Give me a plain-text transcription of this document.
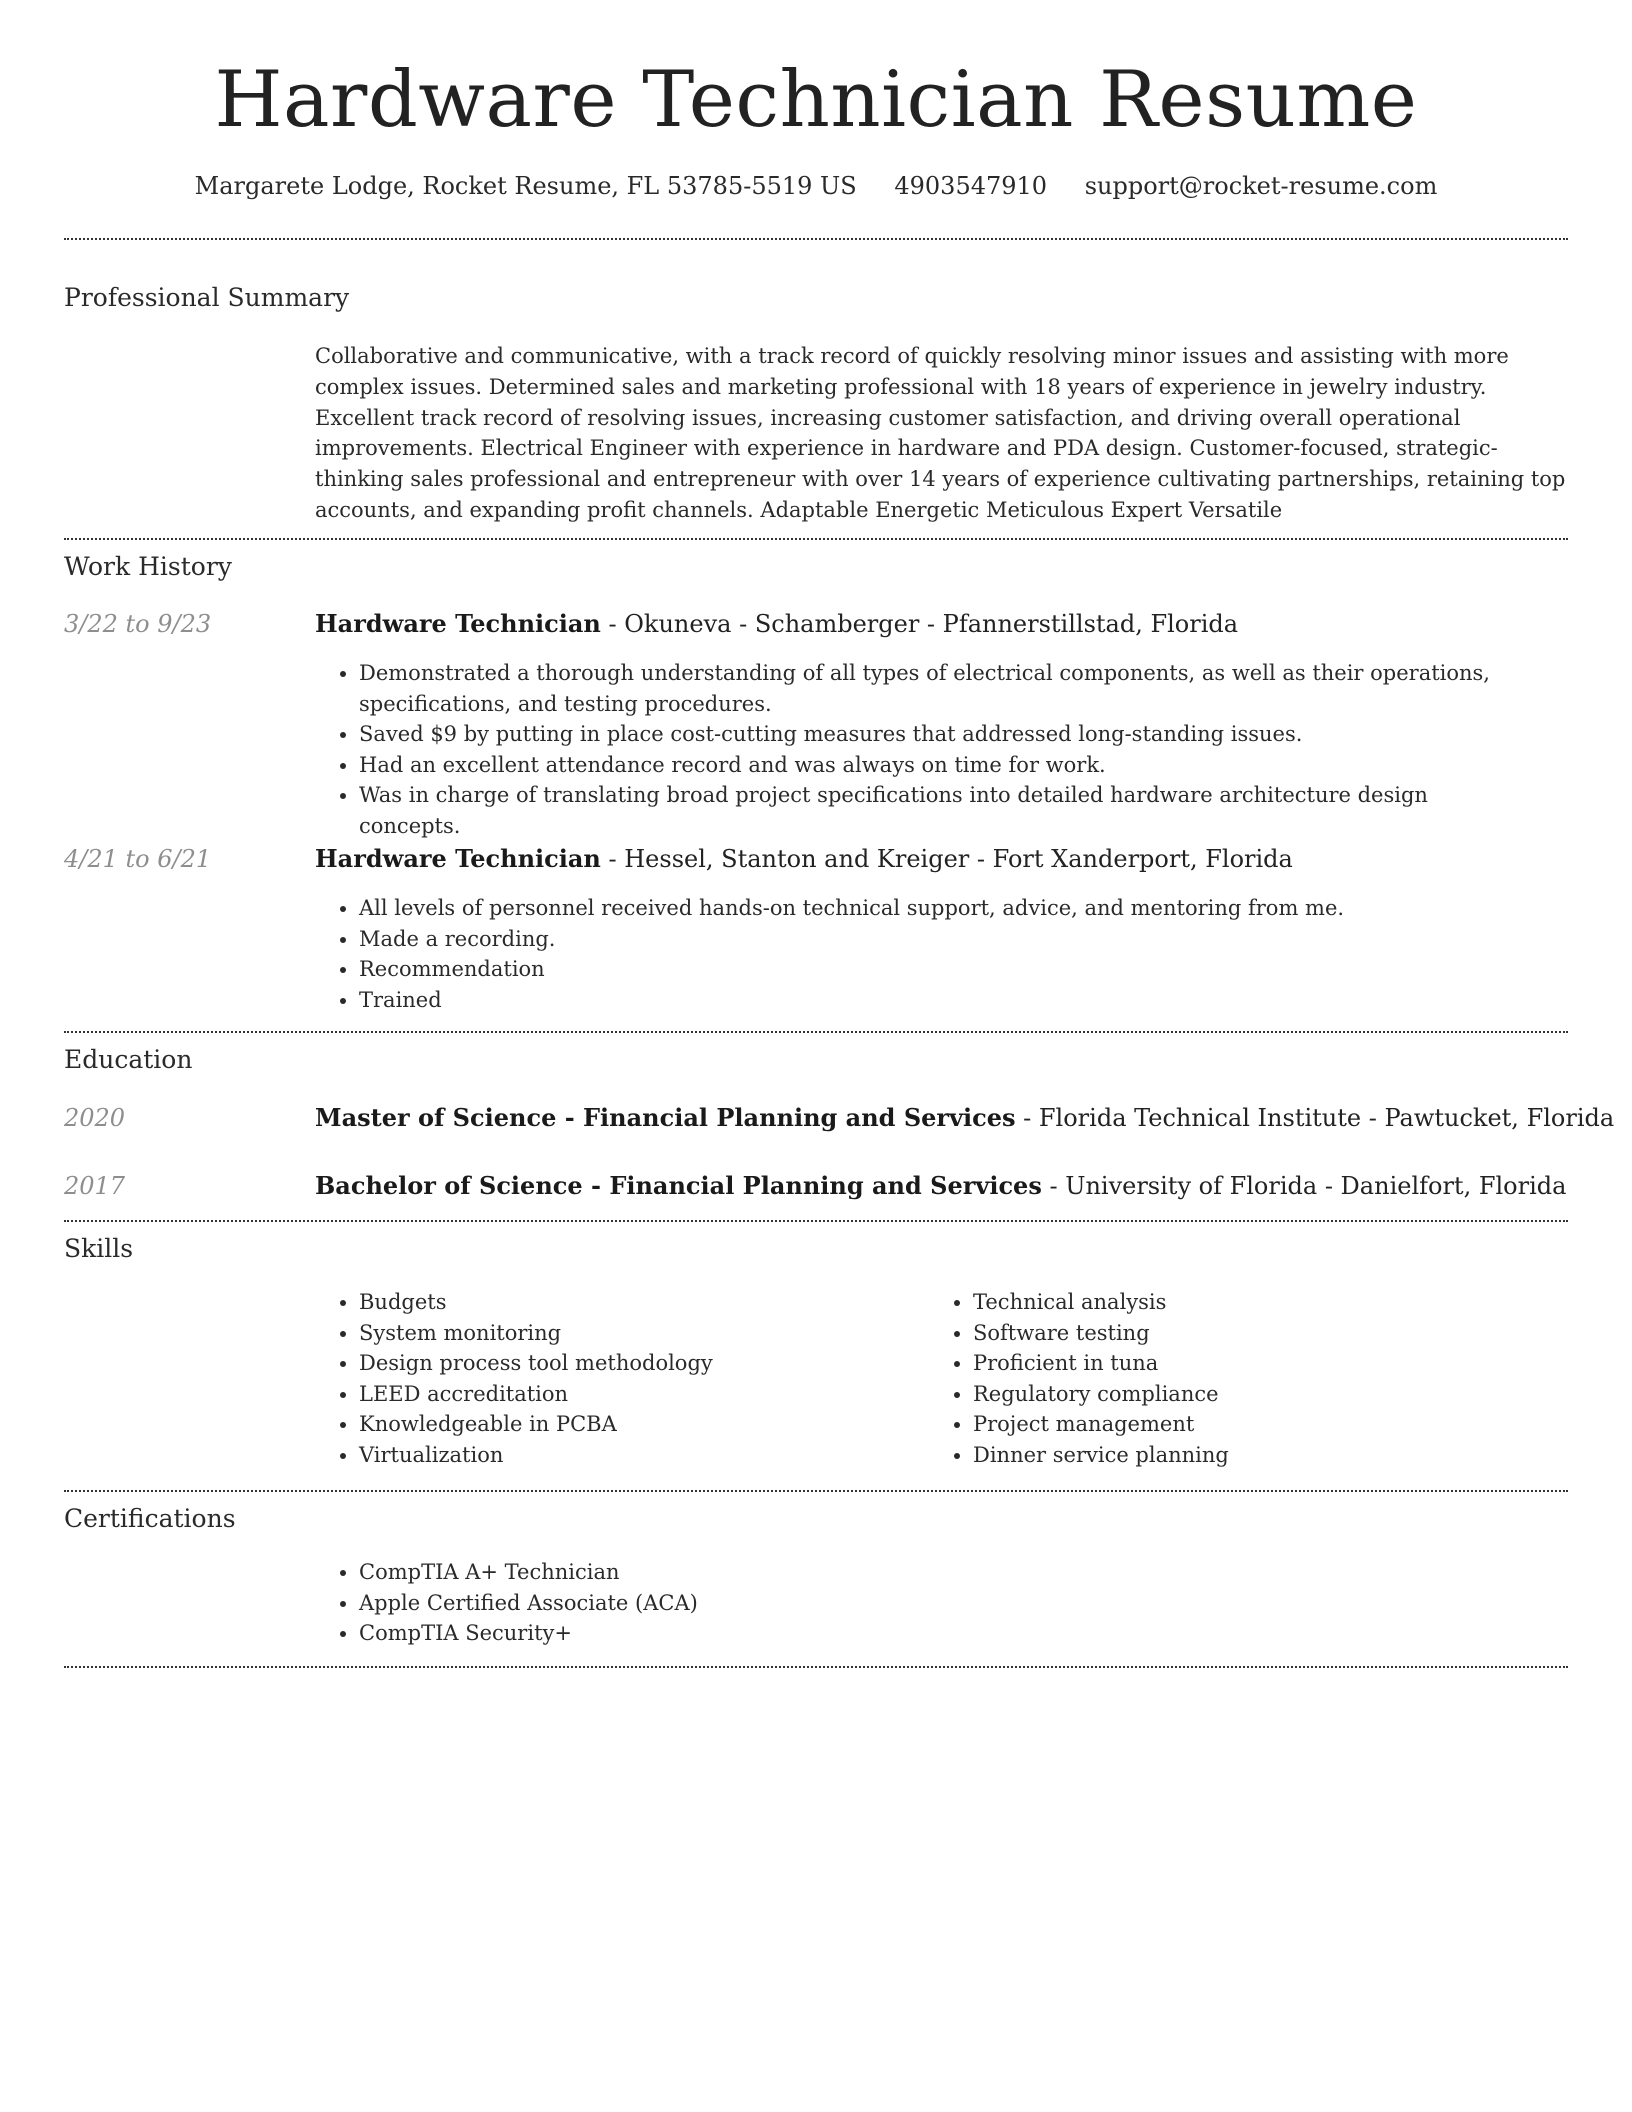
Hardware Technician Resume
Margarete Lodge, Rocket Resume, FL 53785-5519 US 4903547910 support@rocket-resume.com
Professional Summary
Collaborative and communicative, with a track record of quickly resolving minor issues and assisting with more complex issues. Determined sales and marketing professional with 18 years of experience in jewelry industry. Excellent track record of resolving issues, increasing customer satisfaction, and driving overall operational improvements. Electrical Engineer with experience in hardware and PDA design. Customer-focused, strategic-thinking sales professional and entrepreneur with over 14 years of experience cultivating partnerships, retaining top accounts, and expanding profit channels. Adaptable Energetic Meticulous Expert Versatile
Work History
3/22 to 9/23	Hardware Technician - Okuneva - Schamberger - Pfannerstillstad, Florida
• Demonstrated a thorough understanding of all types of electrical components, as well as their operations, specifications, and testing procedures.
• Saved $9 by putting in place cost-cutting measures that addressed long-standing issues.
• Had an excellent attendance record and was always on time for work.
• Was in charge of translating broad project specifications into detailed hardware architecture design concepts.
4/21 to 6/21	Hardware Technician - Hessel, Stanton and Kreiger - Fort Xanderport, Florida
• All levels of personnel received hands-on technical support, advice, and mentoring from me.
• Made a recording.
• Recommendation
• Trained
Education
2020	Master of Science - Financial Planning and Services - Florida Technical Institute - Pawtucket, Florida
2017	Bachelor of Science - Financial Planning and Services - University of Florida - Danielfort, Florida
Skills
• Budgets
• System monitoring
• Design process tool methodology
• LEED accreditation
• Knowledgeable in PCBA
• Virtualization
• Technical analysis
• Software testing
• Proficient in tuna
• Regulatory compliance
• Project management
• Dinner service planning
Certifications
• CompTIA A+ Technician
• Apple Certified Associate (ACA)
• CompTIA Security+
